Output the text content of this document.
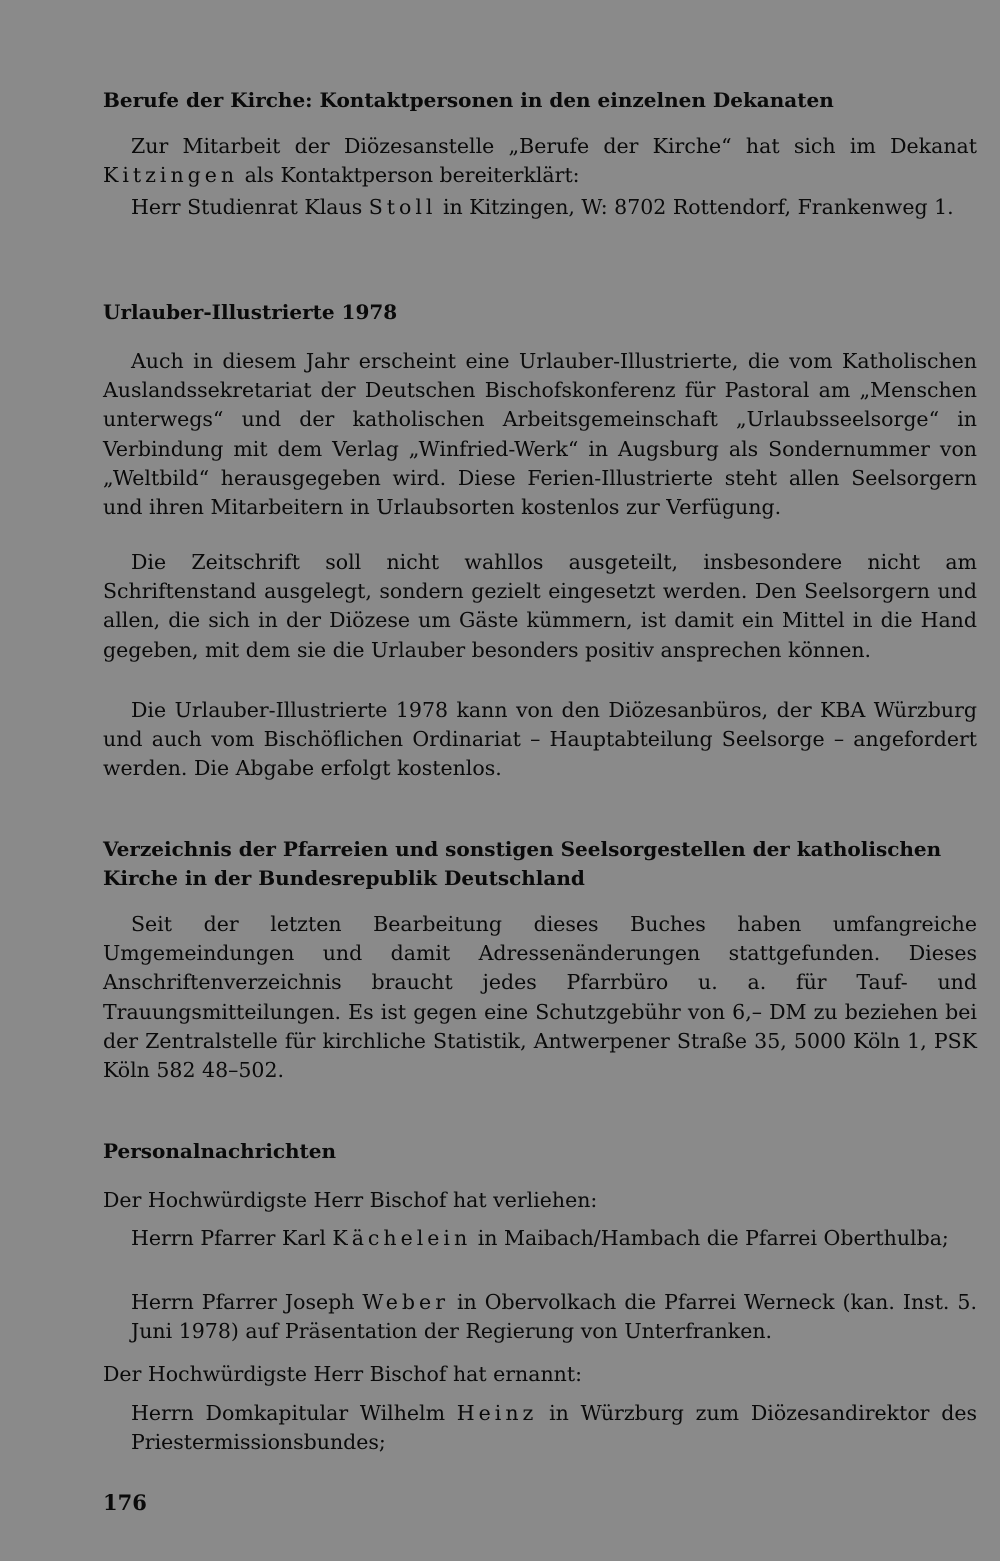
Berufe der Kirche: Kontaktpersonen in den einzelnen Dekanaten

Zur Mitarbeit der Diözesanstelle „Berufe der Kirche“ hat sich im Dekanat Kitzingen als Kontaktperson bereiterklärt:

Herr Studienrat Klaus Stoll in Kitzingen, W: 8702 Rottendorf, Frankenweg 1.

Urlauber-Illustrierte 1978

Auch in diesem Jahr erscheint eine Urlauber-Illustrierte, die vom Katholischen Auslandssekretariat der Deutschen Bischofskonferenz für Pastoral am „Menschen unterwegs“ und der katholischen Arbeitsgemeinschaft „Urlaubsseelsorge“ in Verbindung mit dem Verlag „Winfried-Werk“ in Augsburg als Sondernummer von „Weltbild“ herausgegeben wird. Diese Ferien-Illustrierte steht allen Seelsorgern und ihren Mitarbeitern in Urlaubsorten kostenlos zur Verfügung.

Die Zeitschrift soll nicht wahllos ausgeteilt, insbesondere nicht am Schriftenstand ausgelegt, sondern gezielt eingesetzt werden. Den Seelsorgern und allen, die sich in der Diözese um Gäste kümmern, ist damit ein Mittel in die Hand gegeben, mit dem sie die Urlauber besonders positiv ansprechen können.

Die Urlauber-Illustrierte 1978 kann von den Diözesanbüros, der KBA Würzburg und auch vom Bischöflichen Ordinariat – Hauptabteilung Seelsorge – angefordert werden. Die Abgabe erfolgt kostenlos.

Verzeichnis der Pfarreien und sonstigen Seelsorgestellen der katholischen Kirche in der Bundesrepublik Deutschland

Seit der letzten Bearbeitung dieses Buches haben umfangreiche Umgemeindungen und damit Adressenänderungen stattgefunden. Dieses Anschriftenverzeichnis braucht jedes Pfarrbüro u. a. für Tauf- und Trauungsmitteilungen. Es ist gegen eine Schutzgebühr von 6,– DM zu beziehen bei der Zentralstelle für kirchliche Statistik, Antwerpener Straße 35, 5000 Köln 1, PSK Köln 582 48–502.

Personalnachrichten

Der Hochwürdigste Herr Bischof hat verliehen:

Herrn Pfarrer Karl Kächelein in Maibach/Hambach die Pfarrei Oberthulba;

Herrn Pfarrer Joseph Weber in Obervolkach die Pfarrei Werneck (kan. Inst. 5. Juni 1978) auf Präsentation der Regierung von Unterfranken.

Der Hochwürdigste Herr Bischof hat ernannt:

Herrn Domkapitular Wilhelm Heinz in Würzburg zum Diözesandirektor des Priestermissionsbundes;

176
